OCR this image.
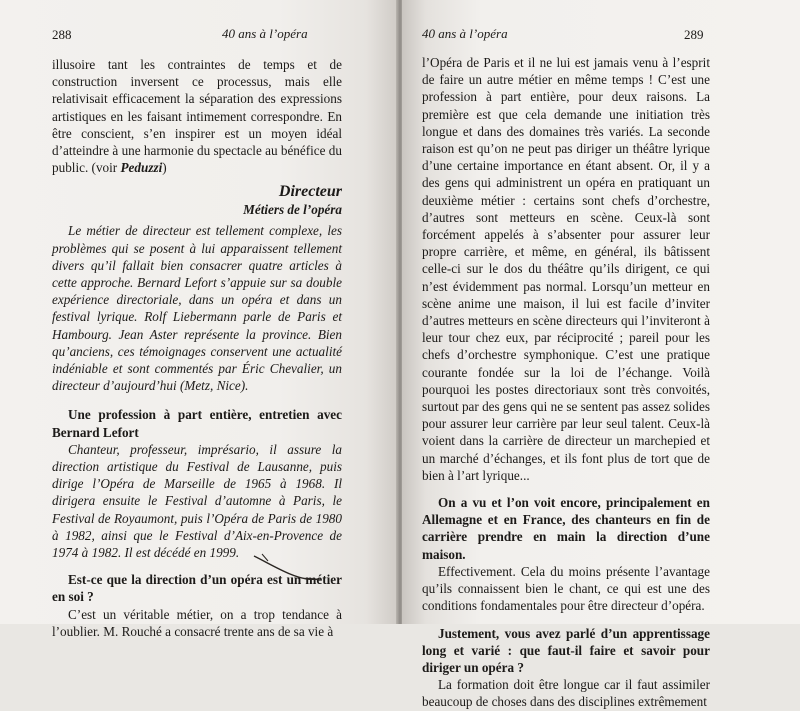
288	40 ans à l’opéra

illusoire tant les contraintes de temps et de construction inversent ce processus, mais elle relativisait efficacement la séparation des expressions artistiques en les faisant intimement correspondre. En être conscient, s’en inspirer est un moyen idéal d’atteindre à une harmonie du spectacle au bénéfice du public. (voir Peduzzi)

Directeur
Métiers de l’opéra

Le métier de directeur est tellement complexe, les problèmes qui se posent à lui apparaissent tellement divers qu’il fallait bien consacrer quatre articles à cette approche. Bernard Lefort s’appuie sur sa double expérience directoriale, dans un opéra et dans un festival lyrique. Rolf Liebermann parle de Paris et Hambourg. Jean Aster représente la province. Bien qu’anciens, ces témoignages conservent une actualité indéniable et sont commentés par Éric Chevalier, un directeur d’aujourd’hui (Metz, Nice).

Une profession à part entière, entretien avec Bernard Lefort

Chanteur, professeur, imprésario, il assure la direction artistique du Festival de Lausanne, puis dirige l’Opéra de Marseille de 1965 à 1968. Il dirigera ensuite le Festival d’automne à Paris, le Festival de Royaumont, puis l’Opéra de Paris de 1980 à 1982, ainsi que le Festival d’Aix-en-Provence de 1974 à 1982. Il est décédé en 1999.

Est-ce que la direction d’un opéra est un métier en soi ?

C’est un véritable métier, on a trop tendance à l’oublier. M. Rouché a consacré trente ans de sa vie à

40 ans à l’opéra	289

l’Opéra de Paris et il ne lui est jamais venu à l’esprit de faire un autre métier en même temps ! C’est une profession à part entière, pour deux raisons. La première est que cela demande une initiation très longue et dans des domaines très variés. La seconde raison est qu’on ne peut pas diriger un théâtre lyrique d’une certaine importance en étant absent. Or, il y a des gens qui administrent un opéra en pratiquant un deuxième métier : certains sont chefs d’orchestre, d’autres sont metteurs en scène. Ceux-là sont forcément appelés à s’absenter pour assurer leur propre carrière, et même, en général, ils bâtissent celle-ci sur le dos du théâtre qu’ils dirigent, ce qui n’est évidemment pas normal. Lorsqu’un metteur en scène anime une maison, il lui est facile d’inviter d’autres metteurs en scène directeurs qui l’inviteront à leur tour chez eux, par réciprocité ; pareil pour les chefs d’orchestre symphonique. C’est une pratique courante fondée sur la loi de l’échange. Voilà pourquoi les postes directoriaux sont très convoités, surtout par des gens qui ne se sentent pas assez solides pour assurer leur carrière par leur seul talent. Ceux-là voient dans la carrière de directeur un marchepied et un marché d’échanges, et ils font plus de tort que de bien à l’art lyrique...

On a vu et l’on voit encore, principalement en Allemagne et en France, des chanteurs en fin de carrière prendre en main la direction d’une maison.

Effectivement. Cela du moins présente l’avantage qu’ils connaissent bien le chant, ce qui est une des conditions fondamentales pour être directeur d’opéra.

Justement, vous avez parlé d’un apprentissage long et varié : que faut-il faire et savoir pour diriger un opéra ?

La formation doit être longue car il faut assimiler beaucoup de choses dans des disciplines extrêmement
